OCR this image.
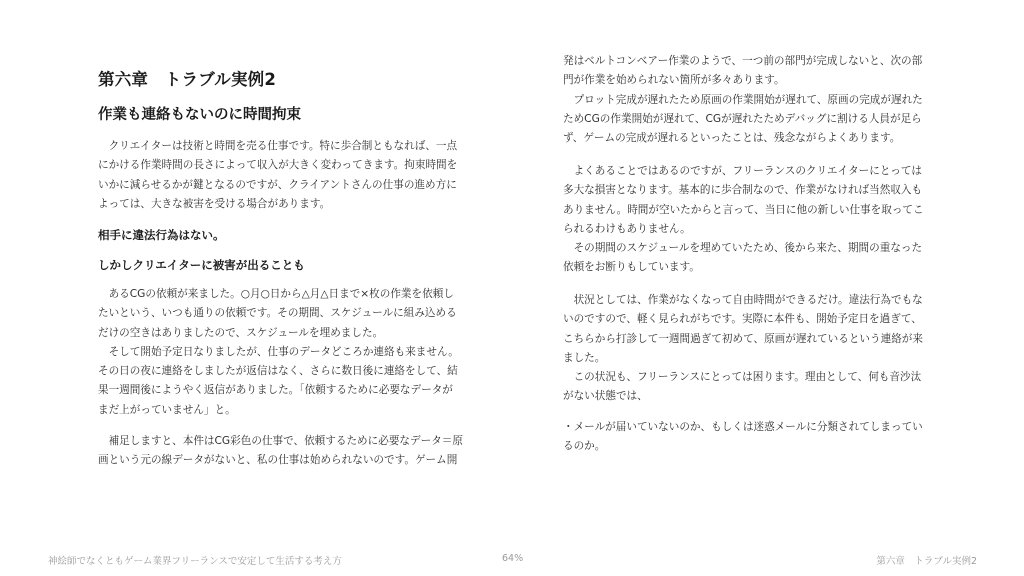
第六章　トラブル実例2
作業も連絡もないのに時間拘束
　クリエイターは技術と時間を売る仕事です。特に歩合制ともなれば、一点
にかける作業時間の長さによって収入が大きく変わってきます。拘束時間を
いかに減らせるかが鍵となるのですが、クライアントさんの仕事の進め方に
よっては、大きな被害を受ける場合があります。
相手に違法行為はない。
しかしクリエイターに被害が出ることも
　あるCGの依頼が来ました。○月○日から△月△日まで×枚の作業を依頼し
たいという、いつも通りの依頼です。その期間、スケジュールに組み込める
だけの空きはありましたので、スケジュールを埋めました。
　そして開始予定日なりましたが、仕事のデータどころか連絡も来ません。
その日の夜に連絡をしましたが返信はなく、さらに数日後に連絡をして、結
果一週間後にようやく返信がありました。「依頼するために必要なデータが
まだ上がっていません」と。
　補足しますと、本件はCG彩色の仕事で、依頼するために必要なデータ＝原
画という元の線データがないと、私の仕事は始められないのです。ゲーム開
発はベルトコンベアー作業のようで、一つ前の部門が完成しないと、次の部
門が作業を始められない箇所が多々あります。
　プロット完成が遅れたため原画の作業開始が遅れて、原画の完成が遅れた
ためCGの作業開始が遅れて、CGが遅れたためデバッグに割ける人員が足ら
ず、ゲームの完成が遅れるといったことは、残念ながらよくあります。
　よくあることではあるのですが、フリーランスのクリエイターにとっては
多大な損害となります。基本的に歩合制なので、作業がなければ当然収入も
ありません。時間が空いたからと言って、当日に他の新しい仕事を取ってこ
られるわけもありません。
　その期間のスケジュールを埋めていたため、後から来た、期間の重なった
依頼をお断りもしています。
　状況としては、作業がなくなって自由時間ができるだけ。違法行為でもな
いのですので、軽く見られがちです。実際に本件も、開始予定日を過ぎて、
こちらから打診して一週間過ぎて初めて、原画が遅れているという連絡が来
ました。
　この状況も、フリーランスにとっては困ります。理由として、何も音沙汰
がない状態では、
・メールが届いていないのか、もしくは迷惑メールに分類されてしまってい
るのか。
神絵師でなくともゲーム業界フリーランスで安定して生活する考え方	64%	第六章　トラブル実例2
